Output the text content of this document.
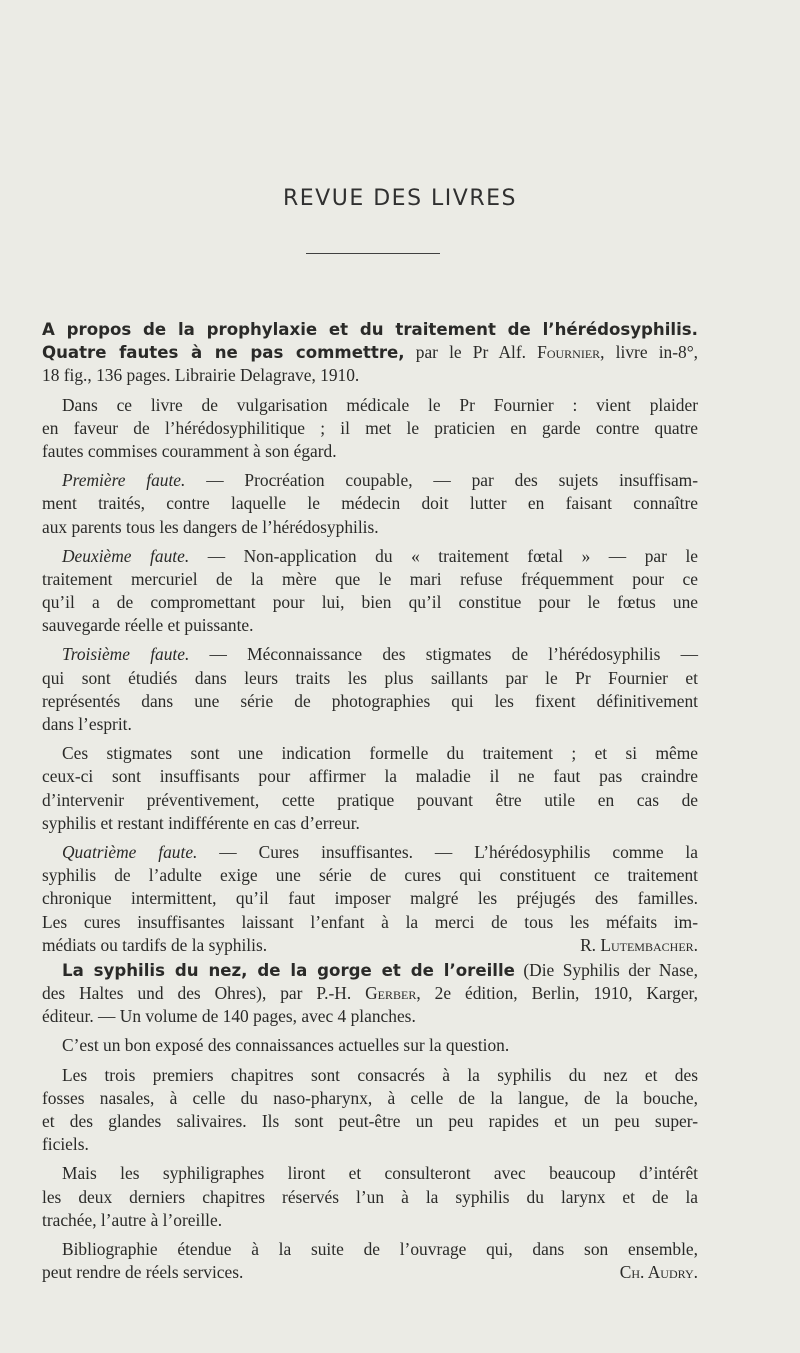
REVUE DES LIVRES
A propos de la prophylaxie et du traitement de l’hérédosyphilis.
Quatre fautes à ne pas commettre, par le Pr Alf. Fournier, livre in-8°,
18 fig., 136 pages. Librairie Delagrave, 1910.
Dans ce livre de vulgarisation médicale le Pr Fournier : vient plaider
en faveur de l’hérédosyphilitique ; il met le praticien en garde contre quatre
fautes commises couramment à son égard.
Première faute. — Procréation coupable, — par des sujets insuffisam-
ment traités, contre laquelle le médecin doit lutter en faisant connaître
aux parents tous les dangers de l’hérédosyphilis.
Deuxième faute. — Non-application du « traitement fœtal » — par le
traitement mercuriel de la mère que le mari refuse fréquemment pour ce
qu’il a de compromettant pour lui, bien qu’il constitue pour le fœtus une
sauvegarde réelle et puissante.
Troisième faute. — Méconnaissance des stigmates de l’hérédosyphilis —
qui sont étudiés dans leurs traits les plus saillants par le Pr Fournier et
représentés dans une série de photographies qui les fixent définitivement
dans l’esprit.
Ces stigmates sont une indication formelle du traitement ; et si même
ceux-ci sont insuffisants pour affirmer la maladie il ne faut pas craindre
d’intervenir préventivement, cette pratique pouvant être utile en cas de
syphilis et restant indifférente en cas d’erreur.
Quatrième faute. — Cures insuffisantes. — L’hérédosyphilis comme la
syphilis de l’adulte exige une série de cures qui constituent ce traitement
chronique intermittent, qu’il faut imposer malgré les préjugés des familles.
Les cures insuffisantes laissant l’enfant à la merci de tous les méfaits im-
médiats ou tardifs de la syphilis.	R. Lutembacher.
La syphilis du nez, de la gorge et de l’oreille (Die Syphilis der Nase,
des Haltes und des Ohres), par P.-H. Gerber, 2e édition, Berlin, 1910, Karger,
éditeur. — Un volume de 140 pages, avec 4 planches.
C’est un bon exposé des connaissances actuelles sur la question.
Les trois premiers chapitres sont consacrés à la syphilis du nez et des
fosses nasales, à celle du naso-pharynx, à celle de la langue, de la bouche,
et des glandes salivaires. Ils sont peut-être un peu rapides et un peu super-
ficiels.
Mais les syphiligraphes liront et consulteront avec beaucoup d’intérêt
les deux derniers chapitres réservés l’un à la syphilis du larynx et de la
trachée, l’autre à l’oreille.
Bibliographie étendue à la suite de l’ouvrage qui, dans son ensemble,
peut rendre de réels services.	Ch. Audry.
